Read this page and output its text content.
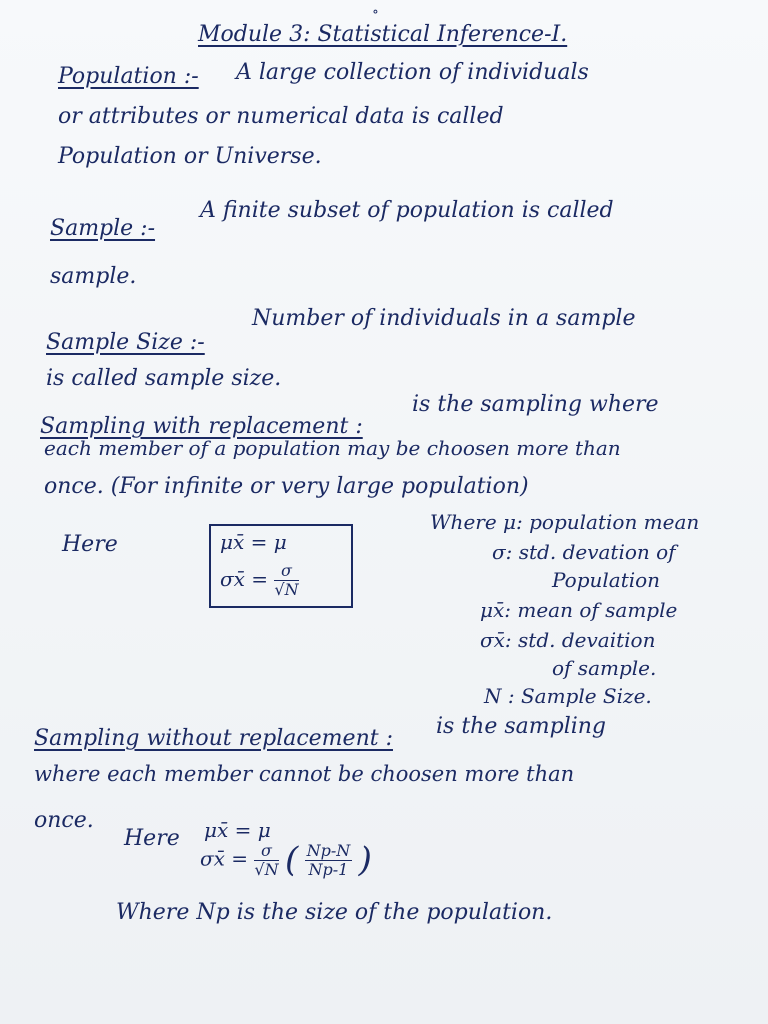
∘
Module 3: Statistical Inference-I.
Population :- A large collection of individuals
or attributes or numerical data is called
Population or Universe.
Sample :-
A finite subset of population is called
sample.
Sample Size :-
Number of individuals in a sample
is called sample size.
Sampling with replacement :
is the sampling where
each member of a population may be choosen more than
once. (For infinite or very large population)
Here	μx̄ = μ
σx̄ = $\frac{\sigma}{√N}$
Where μ: population mean
σ: std. devation of
Population
μx̄: mean of sample
σx̄: std. devaition
of sample.
N : Sample Size.
Sampling without replacement : is the sampling
where each member cannot be choosen more than
once.
Here μx̄ = μ
σx̄ = $\frac{\sigma}{√N}$ ( $\frac{Np-N}{Np-1}$ )
Where Np is the size of the population.
